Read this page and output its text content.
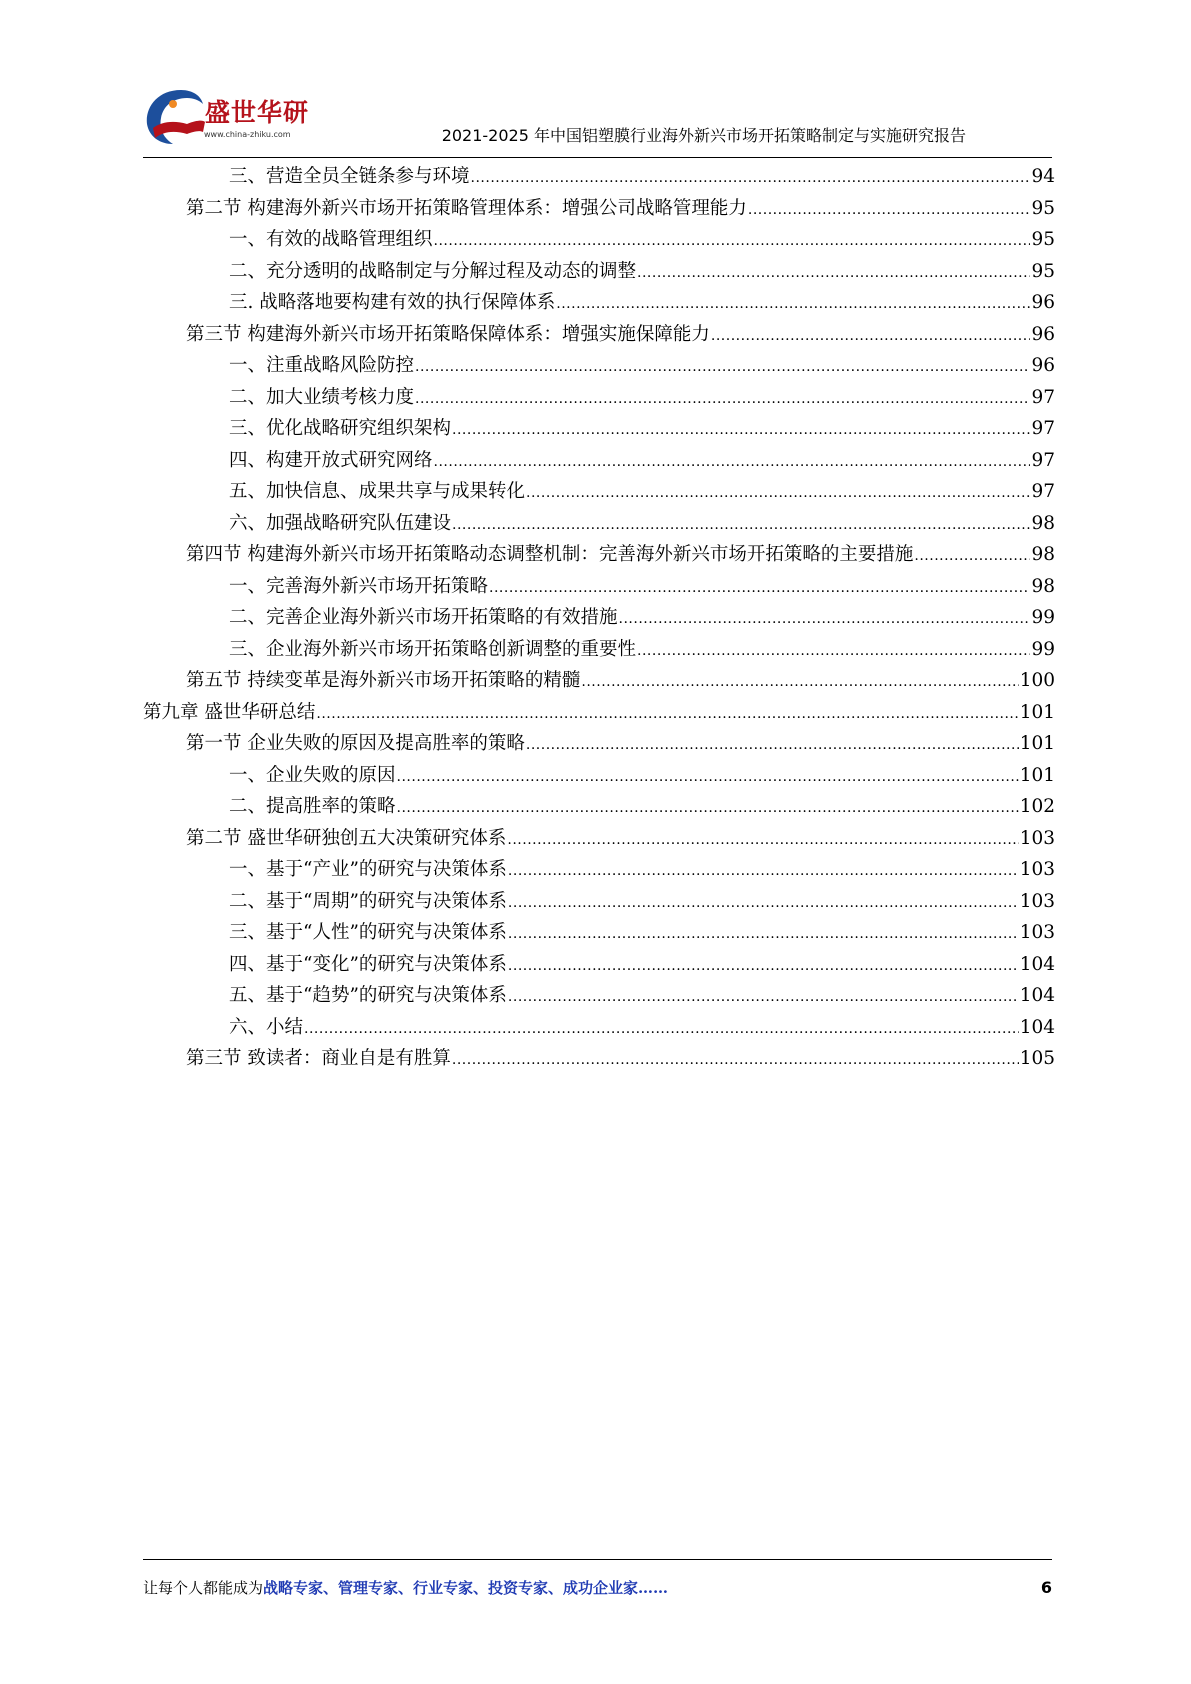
盛世华研
www.china-zhiku.com	2021-2025 年中国铝塑膜行业海外新兴市场开拓策略制定与实施研究报告
三、营造全员全链条参与环境 .....	94
第二节 构建海外新兴市场开拓策略管理体系：增强公司战略管理能力 .....	95
一、有效的战略管理组织 .....	95
二、充分透明的战略制定与分解过程及动态的调整 .....	95
三. 战略落地要构建有效的执行保障体系 .....	96
第三节 构建海外新兴市场开拓策略保障体系：增强实施保障能力 .....	96
一、注重战略风险防控 .....	96
二、加大业绩考核力度 .....	97
三、优化战略研究组织架构 .....	97
四、构建开放式研究网络 .....	97
五、加快信息、成果共享与成果转化 .....	97
六、加强战略研究队伍建设 .....	98
第四节 构建海外新兴市场开拓策略动态调整机制：完善海外新兴市场开拓策略的主要措施 .....	98
一、完善海外新兴市场开拓策略 .....	98
二、完善企业海外新兴市场开拓策略的有效措施 .....	99
三、企业海外新兴市场开拓策略创新调整的重要性 .....	99
第五节 持续变革是海外新兴市场开拓策略的精髓 .....	100
第九章 盛世华研总结 .....	101
第一节 企业失败的原因及提高胜率的策略 .....	101
一、企业失败的原因 .....	101
二、提高胜率的策略 .....	102
第二节 盛世华研独创五大决策研究体系 .....	103
一、基于“产业”的研究与决策体系 .....	103
二、基于“周期”的研究与决策体系 .....	103
三、基于“人性”的研究与决策体系 .....	103
四、基于“变化”的研究与决策体系 .....	104
五、基于“趋势”的研究与决策体系 .....	104
六、小结 .....	104
第三节 致读者：商业自是有胜算 .....	105
让每个人都能成为战略专家、管理专家、行业专家、投资专家、成功企业家……	6
